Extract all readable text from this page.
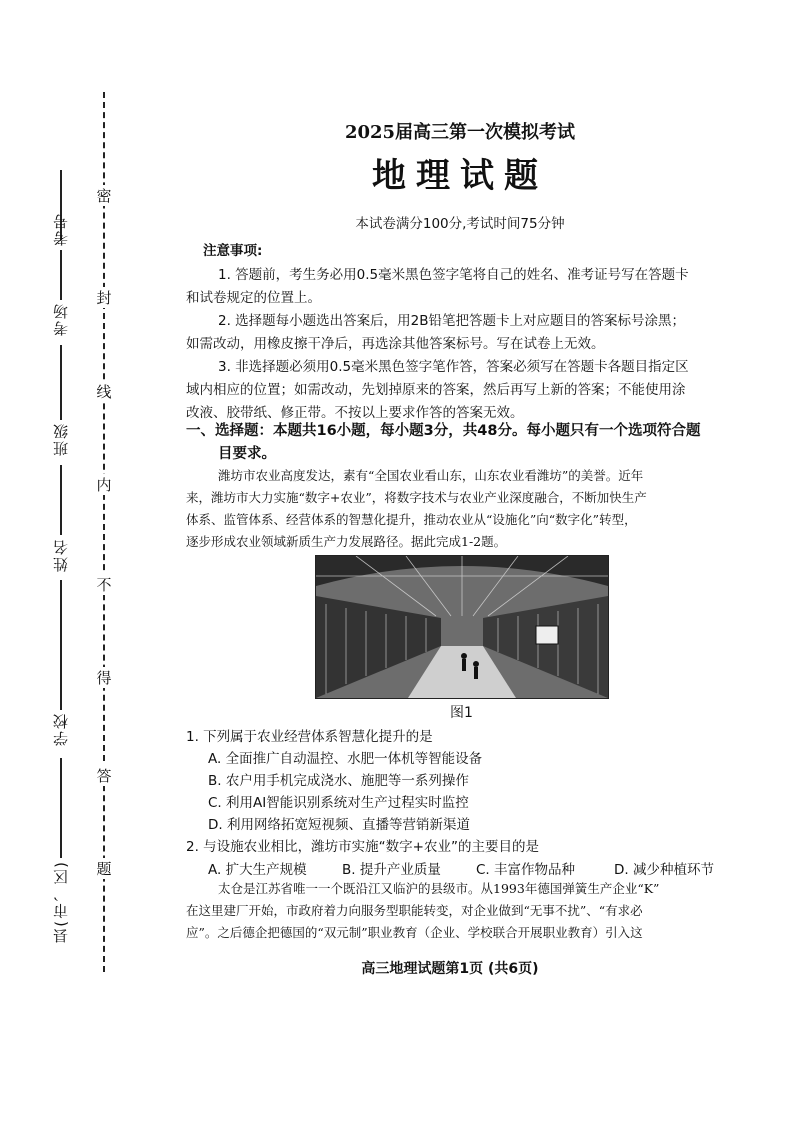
考号
考场
班级
姓名
学校
县(市、区)
密
封
线
内
不
得
答
题
2025届高三第一次模拟考试
地理试题
本试卷满分100分,考试时间75分钟
注意事项:
1. 答题前，考生务必用0.5毫米黑色签字笔将自己的姓名、准考证号写在答题卡
和试卷规定的位置上。
2. 选择题每小题选出答案后，用2B铅笔把答题卡上对应题目的答案标号涂黑；
如需改动，用橡皮擦干净后，再选涂其他答案标号。写在试卷上无效。
3. 非选择题必须用0.5毫米黑色签字笔作答，答案必须写在答题卡各题目指定区
域内相应的位置；如需改动，先划掉原来的答案，然后再写上新的答案；不能使用涂
改液、胶带纸、修正带。不按以上要求作答的答案无效。
一、选择题：本题共16小题，每小题3分，共48分。每小题只有一个选项符合题
目要求。
潍坊市农业高度发达，素有“全国农业看山东，山东农业看潍坊”的美誉。近年
来，潍坊市大力实施“数字+农业”，将数字技术与农业产业深度融合，不断加快生产
体系、监管体系、经营体系的智慧化提升，推动农业从“设施化”向“数字化”转型，
逐步形成农业领域新质生产力发展路径。据此完成1-2题。
图1
1. 下列属于农业经营体系智慧化提升的是
A. 全面推广自动温控、水肥一体机等智能设备
B. 农户用手机完成浇水、施肥等一系列操作
C. 利用AI智能识别系统对生产过程实时监控
D. 利用网络拓宽短视频、直播等营销新渠道
2. 与设施农业相比，潍坊市实施“数字+农业”的主要目的是
A. 扩大生产规模	B. 提升产业质量	C. 丰富作物品种	D. 减少种植环节
太仓是江苏省唯一一个既沿江又临沪的县级市。从1993年德国弹簧生产企业“K”
在这里建厂开始，市政府着力向服务型职能转变，对企业做到“无事不扰”、“有求必
应”。之后德企把德国的“双元制”职业教育（企业、学校联合开展职业教育）引入这
高三地理试题第1页 (共6页)
